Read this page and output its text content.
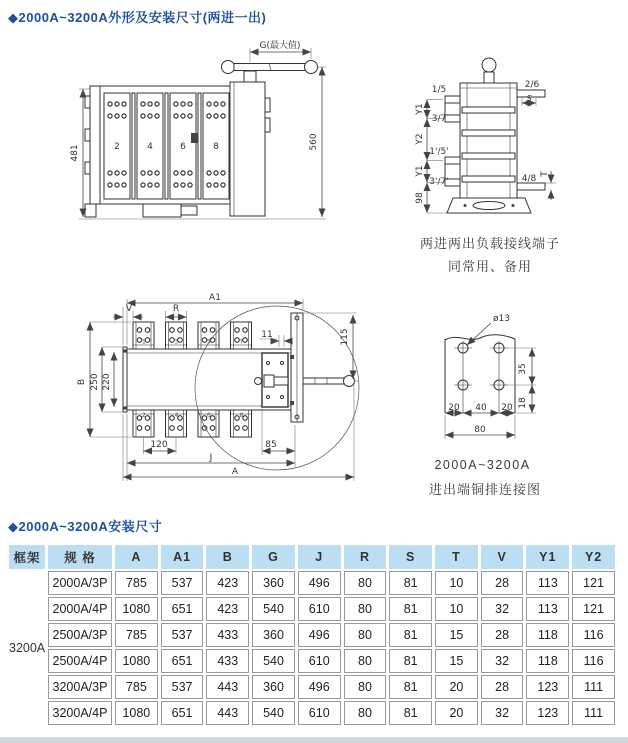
◆2000A~3200A外形及安装尺寸(两进一出)
2	4	6	8
G(最大值)
481
560
1/5
3/7
1'/5'
3'/7'
2/6
S
4/8 T
Y1
Y2
Y1
98
两进两出负载接线端子
同常用、备用
1	3	5	7
2	4	6	8
A1
V	R
B 250 220
11	115
120	85
J
A
ø13
35
18
20 40 20
80
2000A~3200A
进出端铜排连接图
◆2000A~3200A安装尺寸
框架	规 格	A	A1	B	G	J	R	S	T	V	Y1	Y2
3200A	2000A/3P	785	537	423	360	496	80	81	10	28	113	121
	2000A/4P	1080	651	423	540	610	80	81	10	32	113	121
	2500A/3P	785	537	433	360	496	80	81	15	28	118	116
	2500A/4P	1080	651	433	540	610	80	81	15	32	118	116
	3200A/3P	785	537	443	360	496	80	81	20	28	123	111
	3200A/4P	1080	651	443	540	610	80	81	20	32	123	111
